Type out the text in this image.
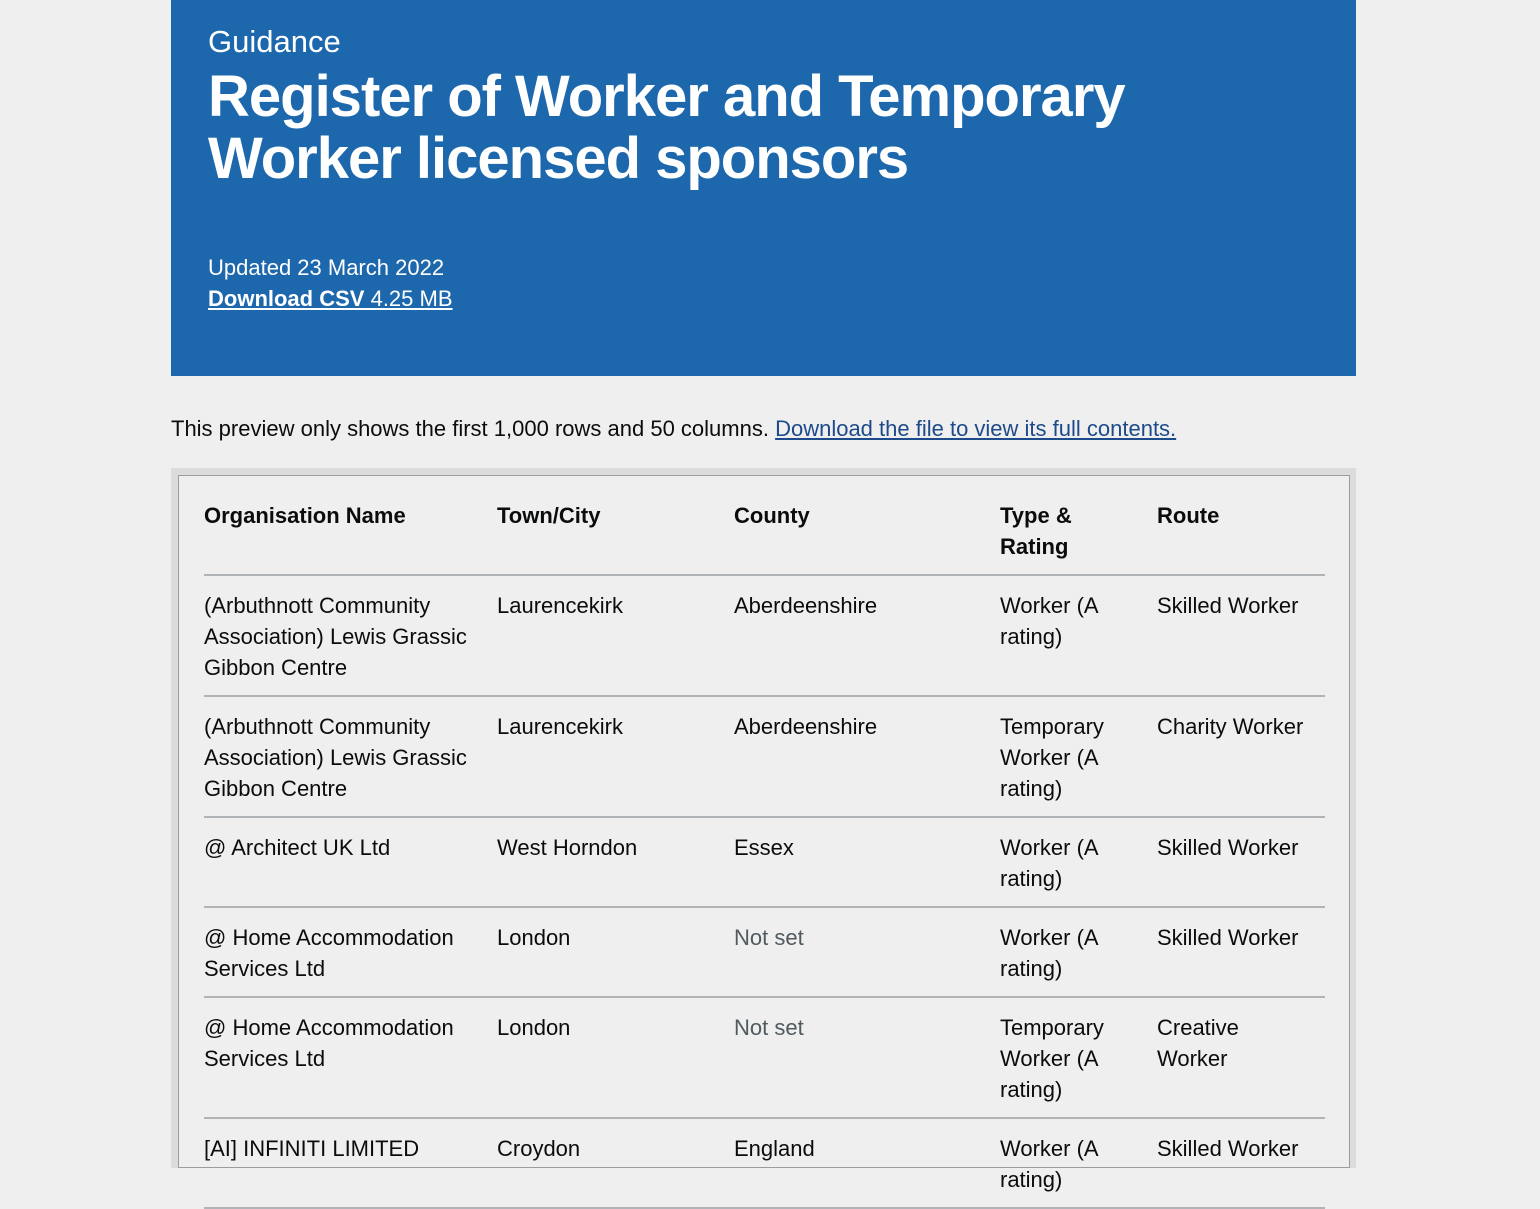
Guidance

Register of Worker and Temporary Worker licensed sponsors
Updated 23 March 2022
Download CSV 4.25 MB
This preview only shows the first 1,000 rows and 50 columns. Download the file to view its full contents.
Organisation Name	Town/City	County	Type & Rating	Route
(Arbuthnott Community Association) Lewis Grassic Gibbon Centre	Laurencekirk	Aberdeenshire	Worker (A rating)	Skilled Worker
(Arbuthnott Community Association) Lewis Grassic Gibbon Centre	Laurencekirk	Aberdeenshire	Temporary Worker (A rating)	Charity Worker
@ Architect UK Ltd	West Horndon	Essex	Worker (A rating)	Skilled Worker
@ Home Accommodation Services Ltd	London	Not set	Worker (A rating)	Skilled Worker
@ Home Accommodation Services Ltd	London	Not set	Temporary Worker (A rating)	Creative Worker
[AI] INFINITI LIMITED	Croydon	England	Worker (A rating)	Skilled Worker
